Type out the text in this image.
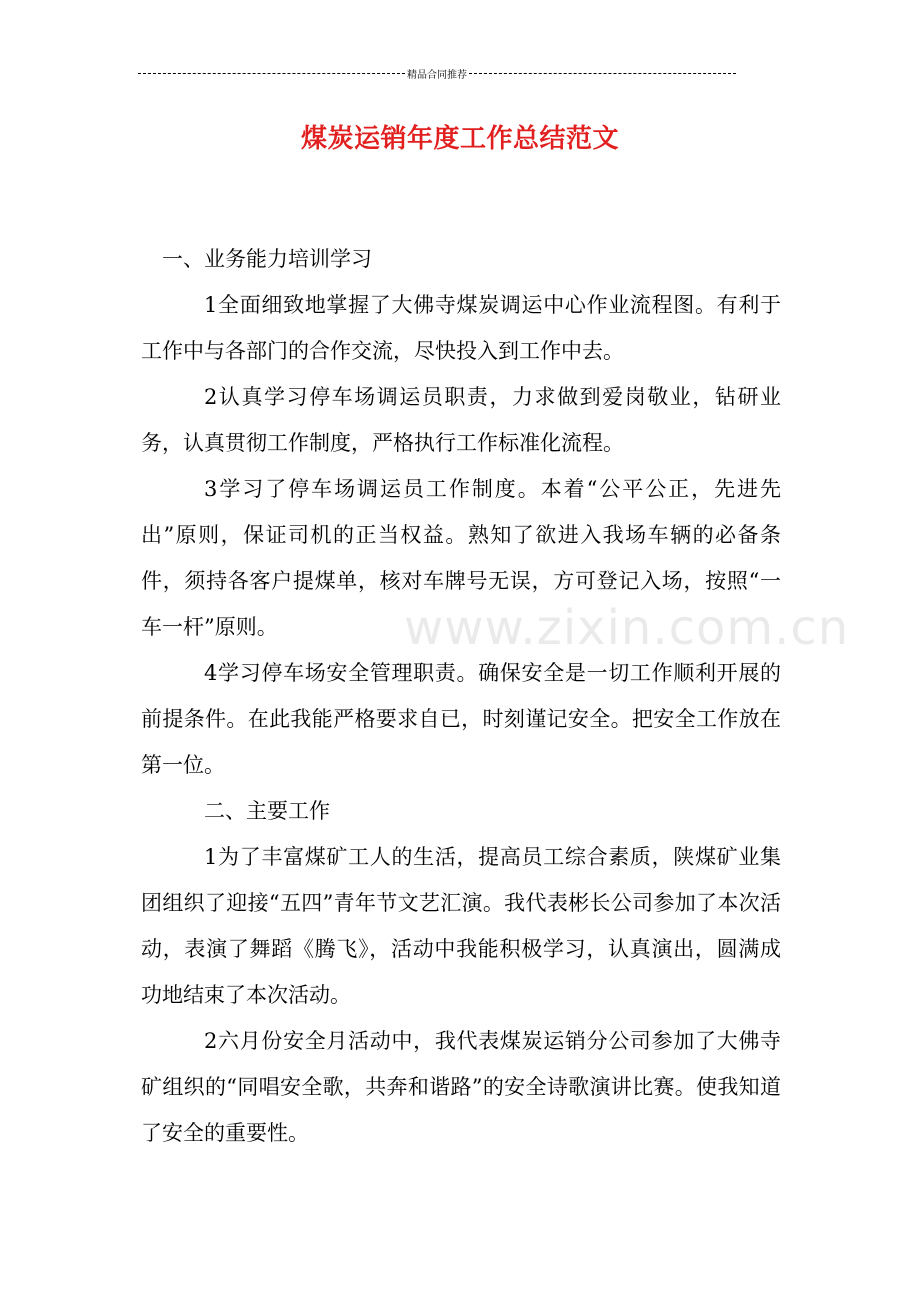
精品合同推荐
煤炭运销年度工作总结范文

一、业务能力培训学习

1全面细致地掌握了大佛寺煤炭调运中心作业流程图。有利于工作中与各部门的合作交流，尽快投入到工作中去。

2认真学习停车场调运员职责，力求做到爱岗敬业，钻研业务，认真贯彻工作制度，严格执行工作标准化流程。

3学习了停车场调运员工作制度。本着“公平公正，先进先出”原则，保证司机的正当权益。熟知了欲进入我场车辆的必备条件，须持各客户提煤单，核对车牌号无误，方可登记入场，按照“一车一杆”原则。

4学习停车场安全管理职责。确保安全是一切工作顺利开展的前提条件。在此我能严格要求自已，时刻谨记安全。把安全工作放在第一位。

二、主要工作

1为了丰富煤矿工人的生活，提高员工综合素质，陕煤矿业集团组织了迎接“五四”青年节文艺汇演。我代表彬长公司参加了本次活动，表演了舞蹈《腾飞》，活动中我能积极学习，认真演出，圆满成功地结束了本次活动。

2六月份安全月活动中，我代表煤炭运销分公司参加了大佛寺矿组织的“同唱安全歌，共奔和谐路”的安全诗歌演讲比赛。使我知道了安全的重要性。

www.zixin.com.cn
